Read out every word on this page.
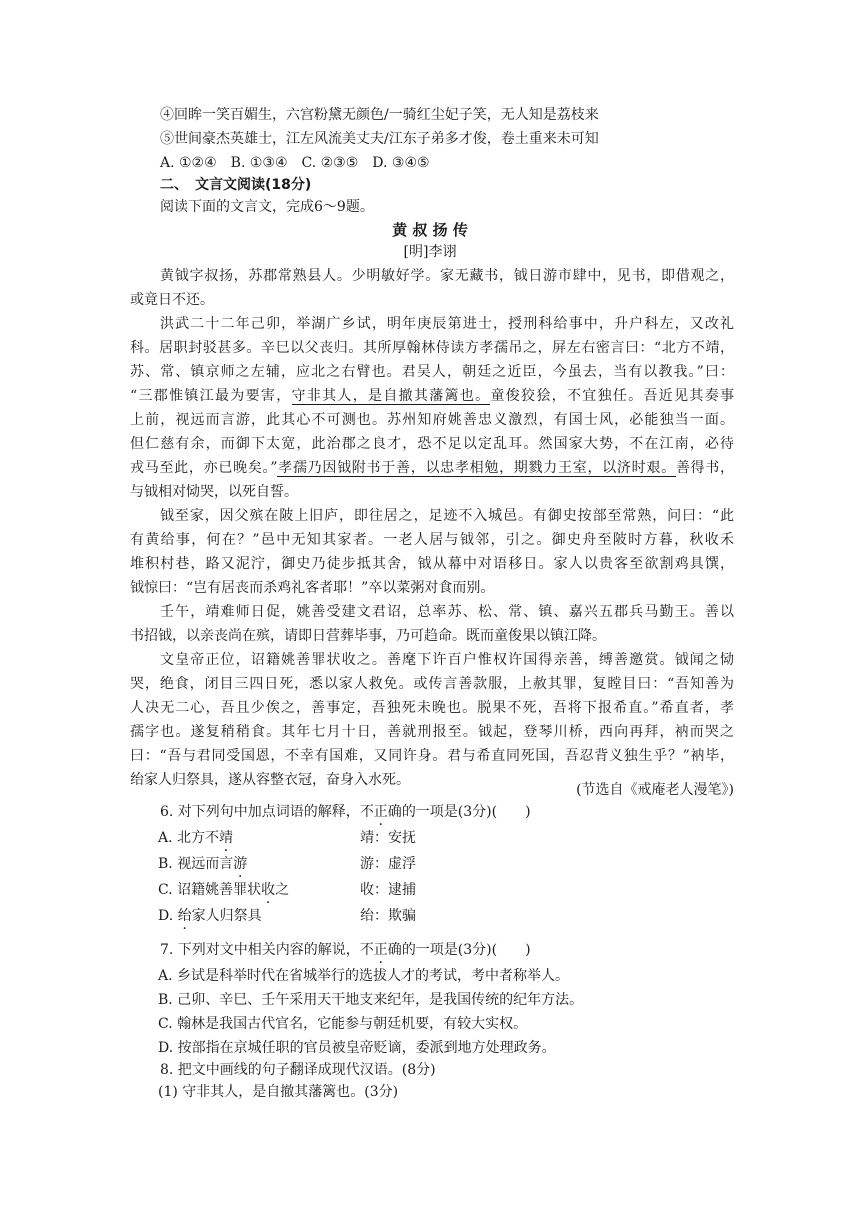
④回眸一笑百媚生，六宫粉黛无颜色/一骑红尘妃子笑，无人知是荔枝来
⑤世间豪杰英雄士，江左风流美丈夫/江东子弟多才俊，卷土重来未可知
A. ①②④　B. ①③④　C. ②③⑤　D. ③④⑤
二、　文言文阅读(18分)
阅读下面的文言文，完成6～9题。
黄 叔 扬 传
[明]李诩
黄钺字叔扬，苏郡常熟县人。少明敏好学。家无藏书，钺日游市肆中，见书，即借观之，
或竟日不还。
洪武二十二年己卯，举湖广乡试，明年庚辰第进士，授刑科给事中，升户科左，又改礼
科。居职封驳甚多。辛巳以父丧归。其所厚翰林侍读方孝孺吊之，屏左右密言曰：“北方不靖，
苏、常、镇京师之左辅，应北之右臂也。君吴人，朝廷之近臣，今虽去，当有以教我。”曰：
“三郡惟镇江最为要害，守非其人，是自撤其藩篱也。童俊狡狯，不宜独任。吾近见其奏事
上前，视远而言游，此其心不可测也。苏州知府姚善忠义激烈，有国士风，必能独当一面。
但仁慈有余，而御下太宽，此治郡之良才，恐不足以定乱耳。然国家大势，不在江南，必待
戎马至此，亦已晚矣。”孝孺乃因钺附书于善，以忠孝相勉，期戮力王室，以济时艰。善得书，
与钺相对恸哭，以死自誓。
钺至家，因父殡在陂上旧庐，即往居之，足迹不入城邑。有御史按部至常熟，问曰：“此
有黄给事，何在？”邑中无知其家者。一老人居与钺邻，引之。御史舟至陂时方暮，秋收禾
堆积村巷，路又泥泞，御史乃徒步抵其舍，钺从幕中对语移日。家人以贵客至欲割鸡具馔，
钺惊曰：“岂有居丧而杀鸡礼客者耶！”卒以菜粥对食而别。
壬午，靖难师日促，姚善受建文君诏，总率苏、松、常、镇、嘉兴五郡兵马勤王。善以
书招钺，以亲丧尚在殡，请即日营葬毕事，乃可趋命。既而童俊果以镇江降。
文皇帝正位，诏籍姚善罪状收之。善麾下许百户惟权许国得亲善，缚善邀赏。钺闻之恸
哭，绝食，闭目三四日死，悉以家人救免。或传言善款服，上赦其罪，复瞠目曰：“吾知善为
人决无二心，吾且少俟之，善事定，吾独死未晚也。脱果不死，吾将下报希直。”希直者，孝
孺字也。遂复稍稍食。其年七月十日，善就刑报至。钺起，登琴川桥，西向再拜，衲而哭之
曰：“吾与君同受国恩，不幸有国难，又同许身。君与希直同死国，吾忍背义独生乎？”衲毕，
绐家人归祭具，遂从容整衣冠，奋身入水死。
(节选自《戒庵老人漫笔》)
6. 对下列句中加点词语的解释，不正确的一项是(3分)(　　)
A. 北方不靖	靖：安抚
B. 视远而言游	游：虚浮
C. 诏籍姚善罪状收之	收：逮捕
D. 绐家人归祭具	绐：欺骗
7. 下列对文中相关内容的解说，不正确的一项是(3分)(　　)
A. 乡试是科举时代在省城举行的选拔人才的考试，考中者称举人。
B. 己卯、辛巳、壬午采用天干地支来纪年，是我国传统的纪年方法。
C. 翰林是我国古代官名，它能参与朝廷机要，有较大实权。
D. 按部指在京城任职的官员被皇帝贬谪，委派到地方处理政务。
8. 把文中画线的句子翻译成现代汉语。(8分)
(1) 守非其人，是自撤其藩篱也。(3分)
